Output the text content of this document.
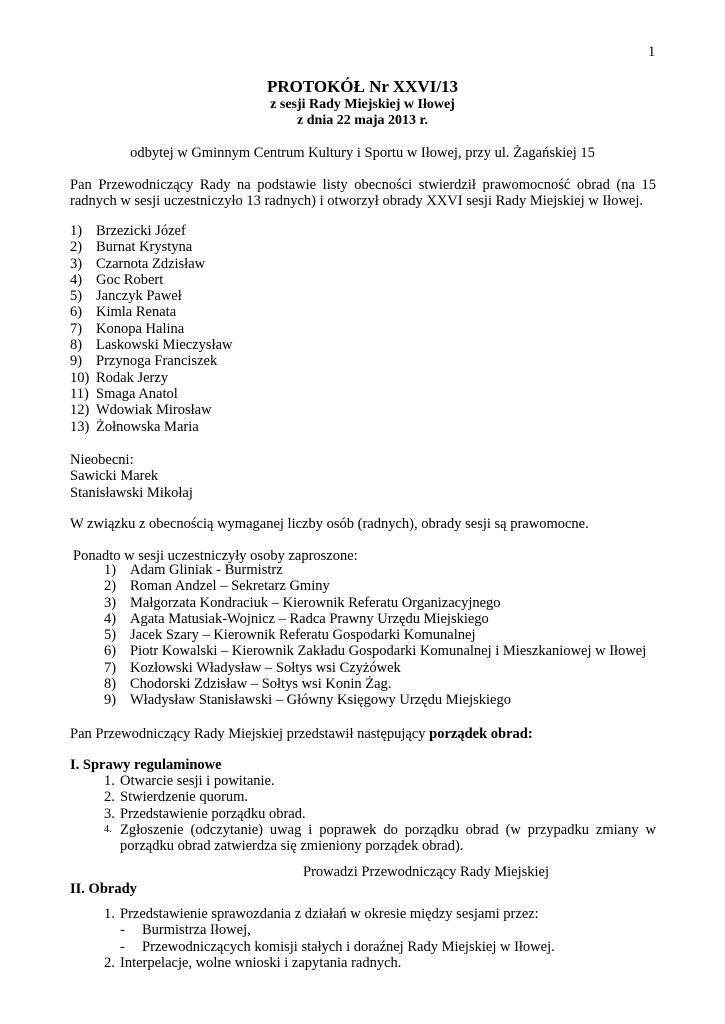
1
PROTOKÓŁ Nr XXVI/13
z sesji Rady Miejskiej w Iłowej
z dnia 22 maja 2013 r.
odbytej w Gminnym Centrum Kultury i Sportu w Iłowej, przy ul. Żagańskiej 15
Pan Przewodniczący Rady na podstawie listy obecności stwierdził prawomocność obrad (na 15 radnych w sesji uczestniczyło 13 radnych) i otworzył obrady XXVI sesji Rady Miejskiej w Iłowej.
1) Brzezicki Józef
2) Burnat Krystyna
3) Czarnota Zdzisław
4) Goc Robert
5) Janczyk Paweł
6) Kimla Renata
7) Konopa Halina
8) Laskowski Mieczysław
9) Przynoga Franciszek
10) Rodak Jerzy
11) Smaga Anatol
12) Wdowiak Mirosław
13) Żołnowska Maria
Nieobecni:
Sawicki Marek
Stanisławski Mikołaj
W związku z obecnością wymaganej liczby osób (radnych), obrady sesji są prawomocne.
Ponadto w sesji uczestniczyły osoby zaproszone:
1) Adam Gliniak - Burmistrz
2) Roman Andzel – Sekretarz Gminy
3) Małgorzata Kondraciuk – Kierownik Referatu Organizacyjnego
4) Agata Matusiak-Wojnicz – Radca Prawny Urzędu Miejskiego
5) Jacek Szary – Kierownik Referatu Gospodarki Komunalnej
6) Piotr Kowalski – Kierownik Zakładu Gospodarki Komunalnej i Mieszkaniowej w Iłowej
7) Kozłowski Władysław – Sołtys wsi Czyżówek
8) Chodorski Zdzisław – Sołtys wsi Konin Żag.
9) Władysław Stanisławski – Główny Księgowy Urzędu Miejskiego
Pan Przewodniczący Rady Miejskiej przedstawił następujący porządek obrad:
I. Sprawy regulaminowe
1. Otwarcie sesji i powitanie.
2. Stwierdzenie quorum.
3. Przedstawienie porządku obrad.
4. Zgłoszenie (odczytanie) uwag i poprawek do porządku obrad (w przypadku zmiany w porządku obrad zatwierdza się zmieniony porządek obrad).
Prowadzi Przewodniczący Rady Miejskiej
II. Obrady
1. Przedstawienie sprawozdania z działań w okresie między sesjami przez:
- Burmistrza Iłowej,
- Przewodniczących komisji stałych i doraźnej Rady Miejskiej w Iłowej.
2. Interpelacje, wolne wnioski i zapytania radnych.
